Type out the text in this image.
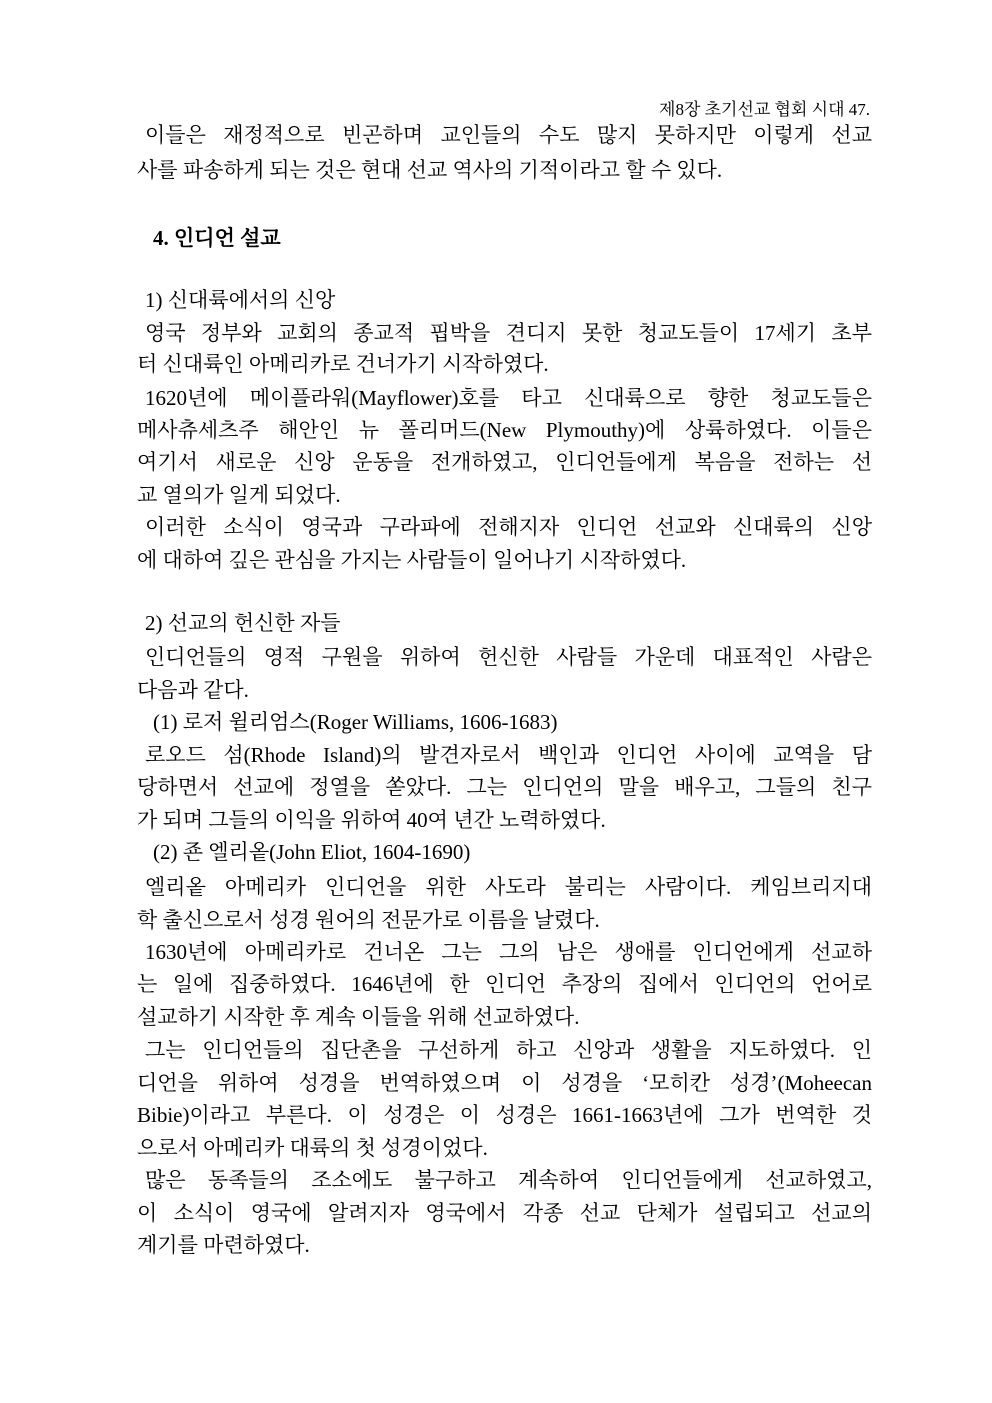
제8장 초기선교 협회 시대 47.
이들은 재정적으로 빈곤하며 교인들의 수도 많지 못하지만 이렇게 선교
사를 파송하게 되는 것은 현대 선교 역사의 기적이라고 할 수 있다.
4. 인디언 설교
1) 신대륙에서의 신앙
영국 정부와 교회의 종교적 핍박을 견디지 못한 청교도들이 17세기 초부
터 신대륙인 아메리카로 건너가기 시작하였다.
1620년에 메이플라워(Mayflower)호를 타고 신대륙으로 향한 청교도들은
메사츄세츠주 해안인 뉴 폴리머드(New Plymouthy)에 상륙하였다. 이들은
여기서 새로운 신앙 운동을 전개하였고, 인디언들에게 복음을 전하는 선
교 열의가 일게 되었다.
이러한 소식이 영국과 구라파에 전해지자 인디언 선교와 신대륙의 신앙
에 대하여 깊은 관심을 가지는 사람들이 일어나기 시작하였다.
2) 선교의 헌신한 자들
인디언들의 영적 구원을 위하여 헌신한 사람들 가운데 대표적인 사람은
다음과 같다.
(1) 로저 윌리엄스(Roger Williams, 1606-1683)
로오드 섬(Rhode Island)의 발견자로서 백인과 인디언 사이에 교역을 담
당하면서 선교에 정열을 쏟았다. 그는 인디언의 말을 배우고, 그들의 친구
가 되며 그들의 이익을 위하여 40여 년간 노력하였다.
(2) 죤 엘리옽(John Eliot, 1604-1690)
엘리옽 아메리카 인디언을 위한 사도라 불리는 사람이다. 케임브리지대
학 출신으로서 성경 원어의 전문가로 이름을 날렸다.
1630년에 아메리카로 건너온 그는 그의 남은 생애를 인디언에게 선교하
는 일에 집중하였다. 1646년에 한 인디언 추장의 집에서 인디언의 언어로
설교하기 시작한 후 계속 이들을 위해 선교하였다.
그는 인디언들의 집단촌을 구선하게 하고 신앙과 생활을 지도하였다. 인
디언을 위하여 성경을 번역하였으며 이 성경을 ‘모히칸 성경’(Moheecan
Bibie)이라고 부른다. 이 성경은 이 성경은 1661-1663년에 그가 번역한 것
으로서 아메리카 대륙의 첫 성경이었다.
많은 동족들의 조소에도 불구하고 계속하여 인디언들에게 선교하였고,
이 소식이 영국에 알려지자 영국에서 각종 선교 단체가 설립되고 선교의
계기를 마련하였다.
